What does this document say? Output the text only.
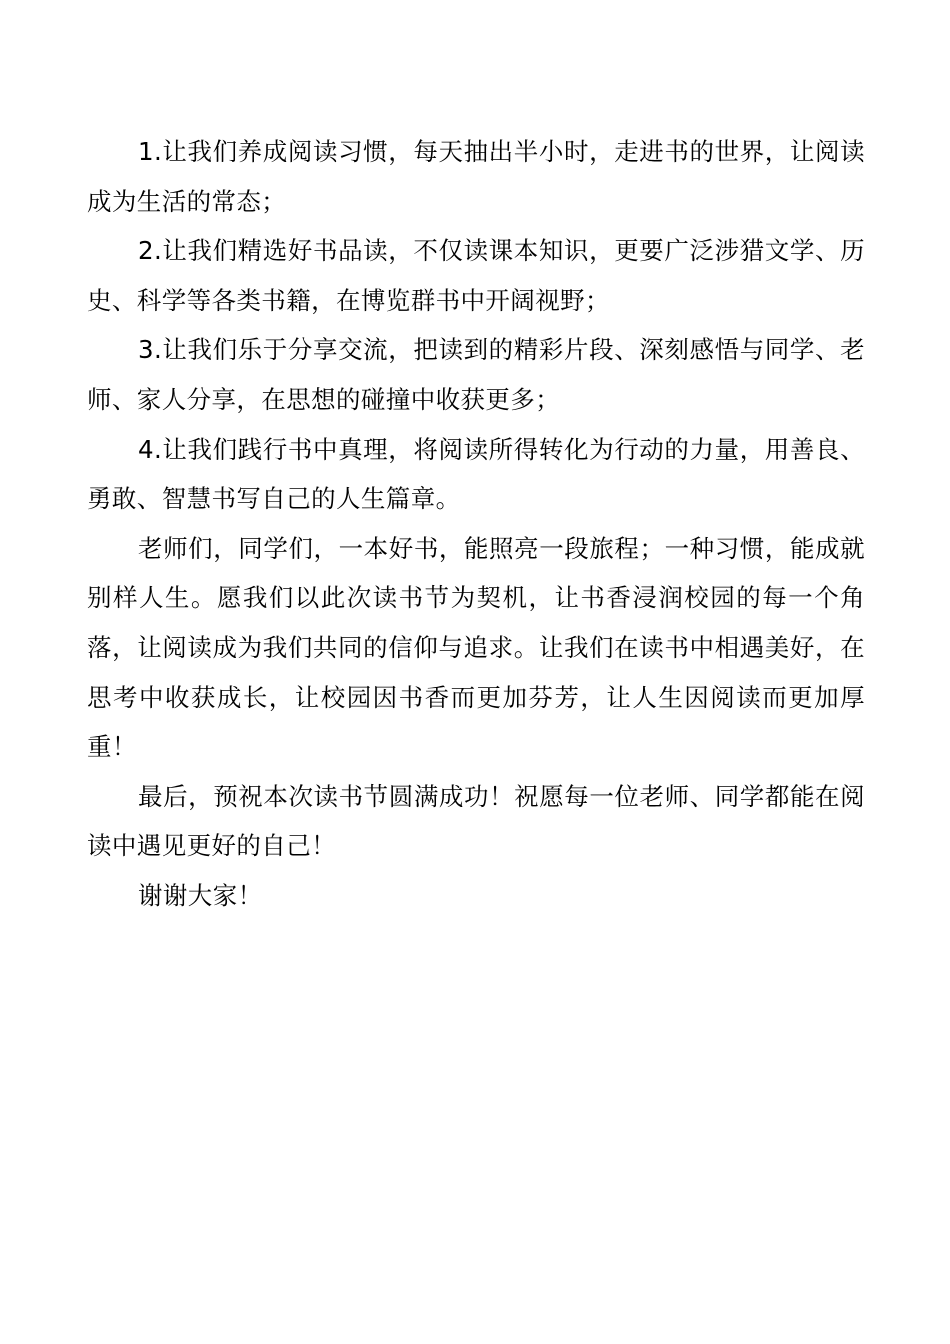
1.让我们养成阅读习惯，每天抽出半小时，走进书的世界，让阅读成为生活的常态；

2.让我们精选好书品读，不仅读课本知识，更要广泛涉猎文学、历史、科学等各类书籍，在博览群书中开阔视野；

3.让我们乐于分享交流，把读到的精彩片段、深刻感悟与同学、老师、家人分享，在思想的碰撞中收获更多；

4.让我们践行书中真理，将阅读所得转化为行动的力量，用善良、勇敢、智慧书写自己的人生篇章。

老师们，同学们，一本好书，能照亮一段旅程；一种习惯，能成就别样人生。愿我们以此次读书节为契机，让书香浸润校园的每一个角落，让阅读成为我们共同的信仰与追求。让我们在读书中相遇美好，在思考中收获成长，让校园因书香而更加芬芳，让人生因阅读而更加厚重！

最后，预祝本次读书节圆满成功！祝愿每一位老师、同学都能在阅读中遇见更好的自己！

谢谢大家！
